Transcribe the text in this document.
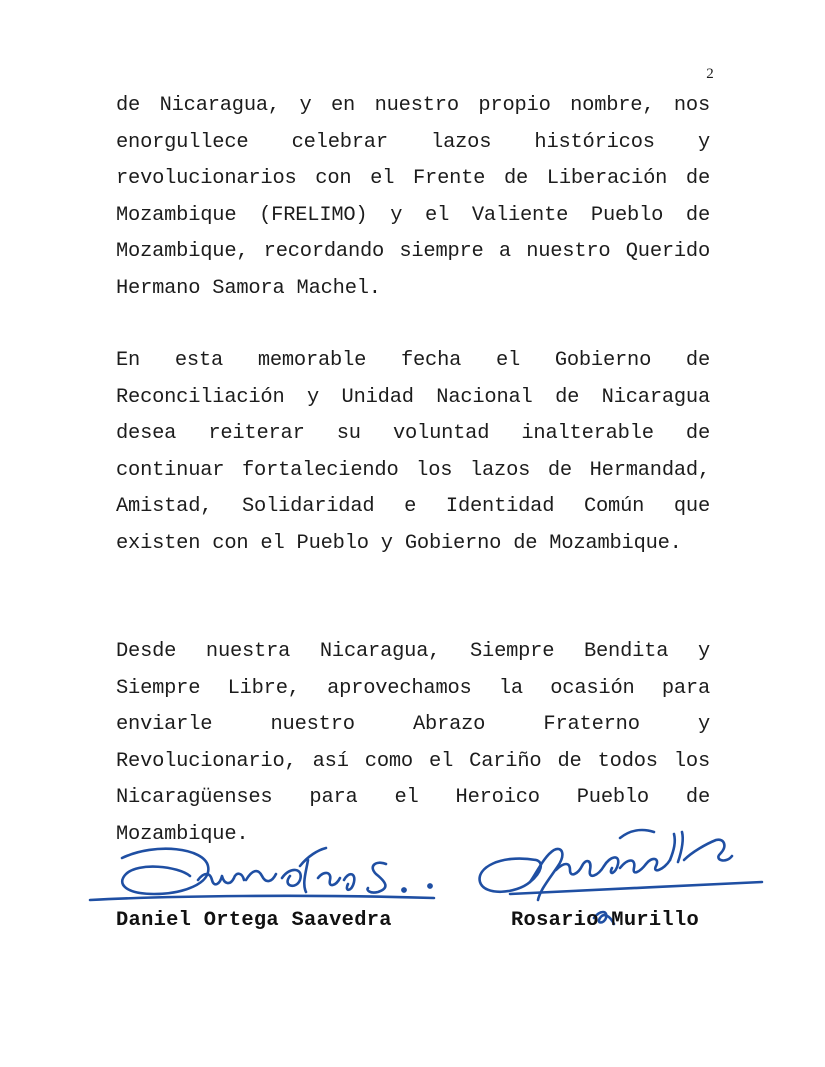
2

de Nicaragua, y en nuestro propio nombre, nos enorgullece celebrar lazos históricos y revolucionarios con el Frente de Liberación de Mozambique (FRELIMO) y el Valiente Pueblo de Mozambique, recordando siempre a nuestro Querido Hermano Samora Machel.

En esta memorable fecha el Gobierno de Reconciliación y Unidad Nacional de Nicaragua desea reiterar su voluntad inalterable de continuar fortaleciendo los lazos de Hermandad, Amistad, Solidaridad e Identidad Común que existen con el Pueblo y Gobierno de Mozambique.

Desde nuestra Nicaragua, Siempre Bendita y Siempre Libre, aprovechamos la ocasión para enviarle nuestro Abrazo Fraterno y Revolucionario, así como el Cariño de todos los Nicaragüenses para el Heroico Pueblo de Mozambique.

Daniel Ortega Saavedra	Rosario Murillo
